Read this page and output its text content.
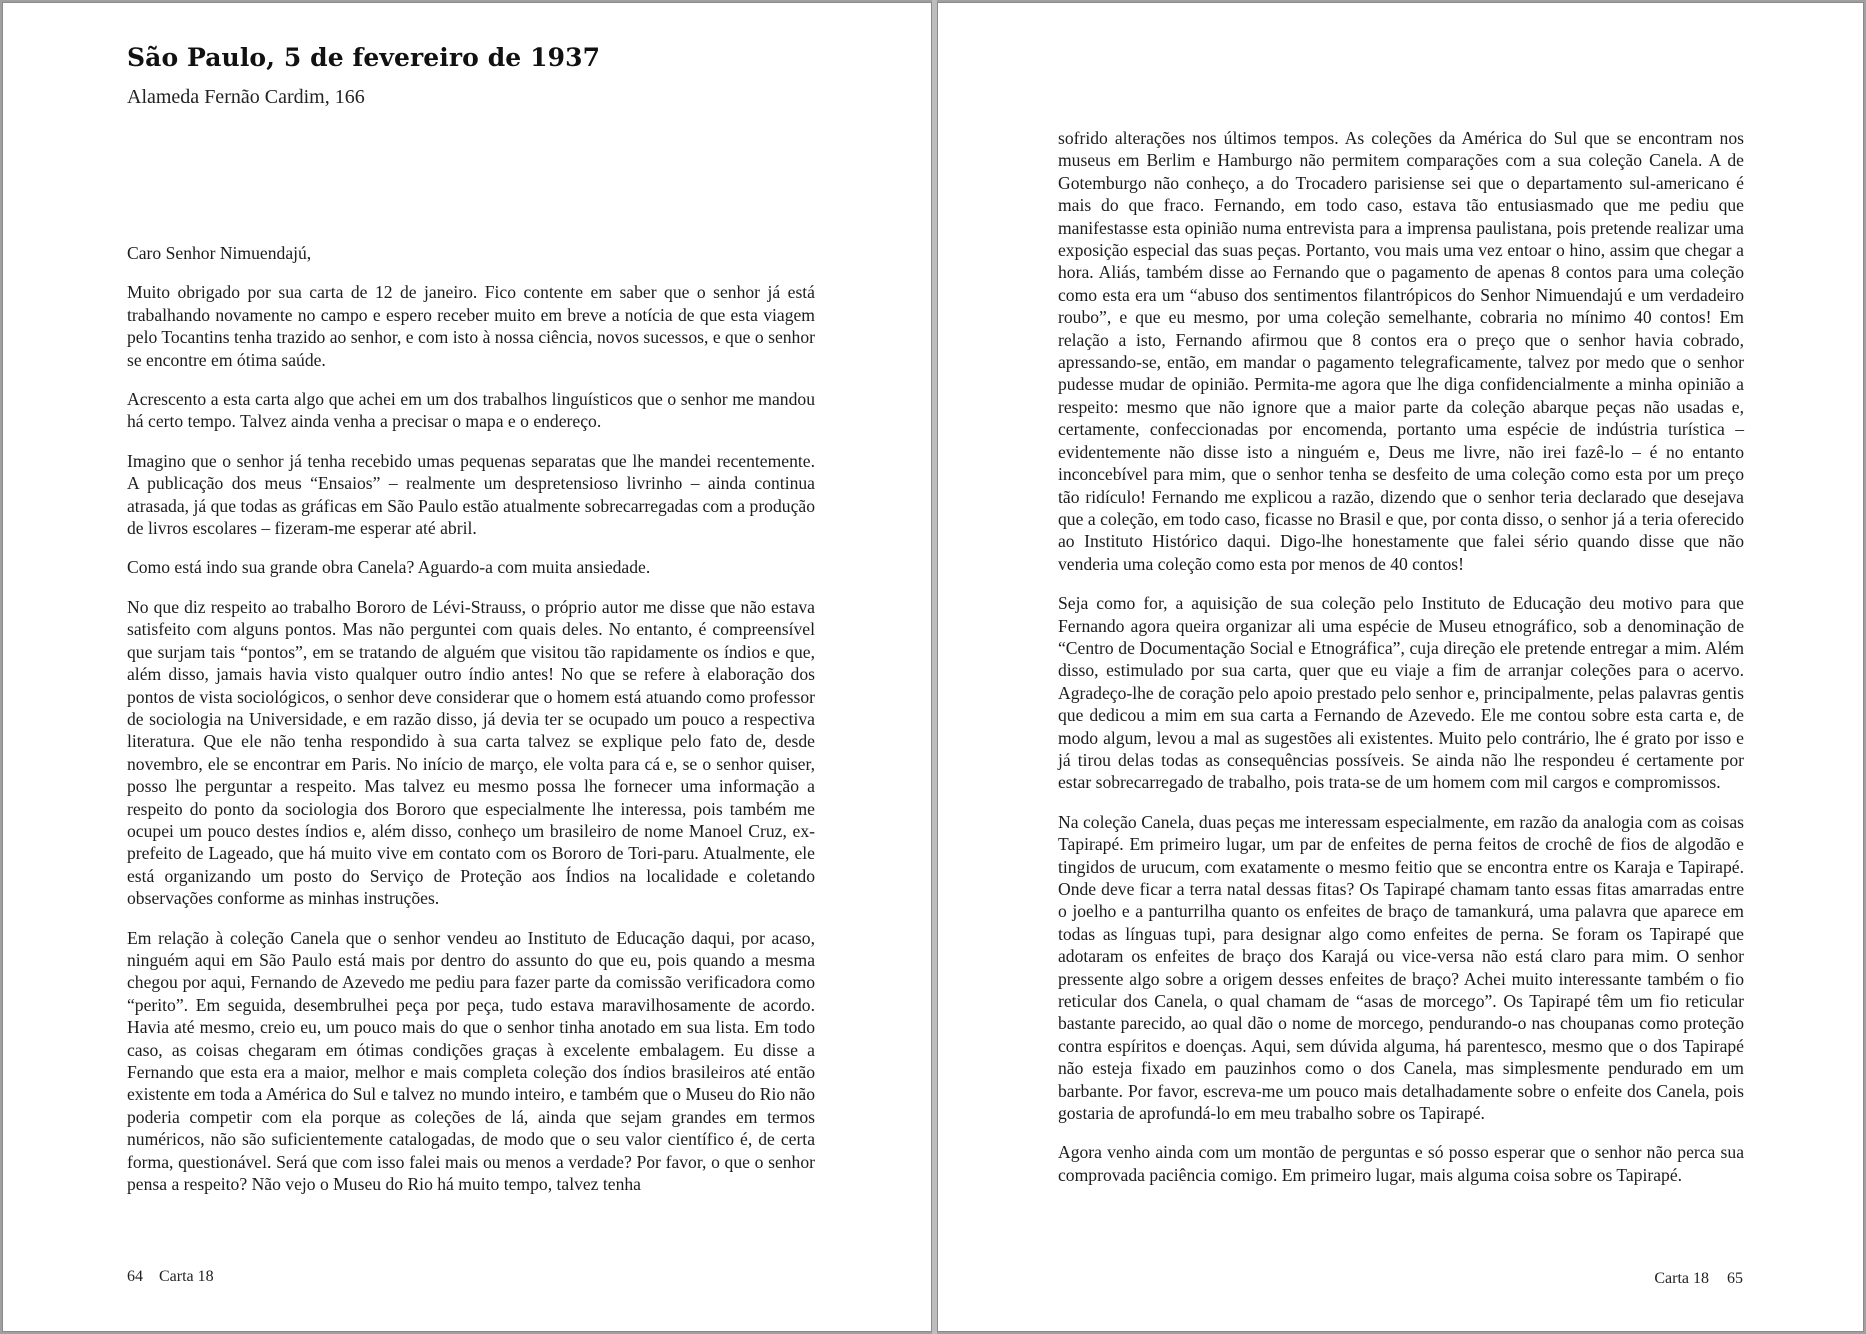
São Paulo, 5 de fevereiro de 1937
Alameda Fernão Cardim, 166

Caro Senhor Nimuendajú,

Muito obrigado por sua carta de 12 de janeiro. Fico contente em saber que o senhor já está trabalhando novamente no campo e espero receber muito em breve a notícia de que esta viagem pelo Tocantins tenha trazido ao senhor, e com isto à nossa ciência, novos sucessos, e que o senhor se encontre em ótima saúde.

Acrescento a esta carta algo que achei em um dos trabalhos linguísticos que o senhor me mandou há certo tempo. Talvez ainda venha a precisar o mapa e o endereço.

Imagino que o senhor já tenha recebido umas pequenas separatas que lhe mandei recentemente. A publicação dos meus “Ensaios” – realmente um despretensioso livrinho – ainda continua atrasada, já que todas as gráficas em São Paulo estão atualmente sobrecarregadas com a produção de livros escolares – fizeram-me esperar até abril.

Como está indo sua grande obra Canela? Aguardo-a com muita ansiedade.

No que diz respeito ao trabalho Bororo de Lévi-Strauss, o próprio autor me disse que não estava satisfeito com alguns pontos. Mas não perguntei com quais deles. No entanto, é compreensível que surjam tais “pontos”, em se tratando de alguém que visitou tão rapidamente os índios e que, além disso, jamais havia visto qualquer outro índio antes! No que se refere à elaboração dos pontos de vista sociológicos, o senhor deve considerar que o homem está atuando como professor de sociologia na Universidade, e em razão disso, já devia ter se ocupado um pouco a respectiva literatura. Que ele não tenha respondido à sua carta talvez se explique pelo fato de, desde novembro, ele se encontrar em Paris. No início de março, ele volta para cá e, se o senhor quiser, posso lhe perguntar a respeito. Mas talvez eu mesmo possa lhe fornecer uma informação a respeito do ponto da sociologia dos Bororo que especialmente lhe interessa, pois também me ocupei um pouco destes índios e, além disso, conheço um brasileiro de nome Manoel Cruz, ex-prefeito de Lageado, que há muito vive em contato com os Bororo de Tori-paru. Atualmente, ele está organizando um posto do Serviço de Proteção aos Índios na localidade e coletando observações conforme as minhas instruções.

Em relação à coleção Canela que o senhor vendeu ao Instituto de Educação daqui, por acaso, ninguém aqui em São Paulo está mais por dentro do assunto do que eu, pois quando a mesma chegou por aqui, Fernando de Azevedo me pediu para fazer parte da comissão verificadora como “perito”. Em seguida, desembrulhei peça por peça, tudo estava maravilhosamente de acordo. Havia até mesmo, creio eu, um pouco mais do que o senhor tinha anotado em sua lista. Em todo caso, as coisas chegaram em ótimas condições graças à excelente embalagem. Eu disse a Fernando que esta era a maior, melhor e mais completa coleção dos índios brasileiros até então existente em toda a América do Sul e talvez no mundo inteiro, e também que o Museu do Rio não poderia competir com ela porque as coleções de lá, ainda que sejam grandes em termos numéricos, não são suficientemente catalogadas, de modo que o seu valor científico é, de certa forma, questionável. Será que com isso falei mais ou menos a verdade? Por favor, o que o senhor pensa a respeito? Não vejo o Museu do Rio há muito tempo, talvez tenha

64 Carta 18

sofrido alterações nos últimos tempos. As coleções da América do Sul que se encontram nos museus em Berlim e Hamburgo não permitem comparações com a sua coleção Canela. A de Gotemburgo não conheço, a do Trocadero parisiense sei que o departamento sul-americano é mais do que fraco. Fernando, em todo caso, estava tão entusiasmado que me pediu que manifestasse esta opinião numa entrevista para a imprensa paulistana, pois pretende realizar uma exposição especial das suas peças. Portanto, vou mais uma vez entoar o hino, assim que chegar a hora. Aliás, também disse ao Fernando que o pagamento de apenas 8 contos para uma coleção como esta era um “abuso dos sentimentos filantrópicos do Senhor Nimuendajú e um verdadeiro roubo”, e que eu mesmo, por uma coleção semelhante, cobraria no mínimo 40 contos! Em relação a isto, Fernando afirmou que 8 contos era o preço que o senhor havia cobrado, apressando-se, então, em mandar o pagamento telegraficamente, talvez por medo que o senhor pudesse mudar de opinião. Permita-me agora que lhe diga confidencialmente a minha opinião a respeito: mesmo que não ignore que a maior parte da coleção abarque peças não usadas e, certamente, confeccionadas por encomenda, portanto uma espécie de indústria turística – evidentemente não disse isto a ninguém e, Deus me livre, não irei fazê-lo – é no entanto inconcebível para mim, que o senhor tenha se desfeito de uma coleção como esta por um preço tão ridículo! Fernando me explicou a razão, dizendo que o senhor teria declarado que desejava que a coleção, em todo caso, ficasse no Brasil e que, por conta disso, o senhor já a teria oferecido ao Instituto Histórico daqui. Digo-lhe honestamente que falei sério quando disse que não venderia uma coleção como esta por menos de 40 contos!

Seja como for, a aquisição de sua coleção pelo Instituto de Educação deu motivo para que Fernando agora queira organizar ali uma espécie de Museu etnográfico, sob a denominação de “Centro de Documentação Social e Etnográfica”, cuja direção ele pretende entregar a mim. Além disso, estimulado por sua carta, quer que eu viaje a fim de arranjar coleções para o acervo. Agradeço-lhe de coração pelo apoio prestado pelo senhor e, principalmente, pelas palavras gentis que dedicou a mim em sua carta a Fernando de Azevedo. Ele me contou sobre esta carta e, de modo algum, levou a mal as sugestões ali existentes. Muito pelo contrário, lhe é grato por isso e já tirou delas todas as consequências possíveis. Se ainda não lhe respondeu é certamente por estar sobrecarregado de trabalho, pois trata-se de um homem com mil cargos e compromissos.

Na coleção Canela, duas peças me interessam especialmente, em razão da analogia com as coisas Tapirapé. Em primeiro lugar, um par de enfeites de perna feitos de crochê de fios de algodão e tingidos de urucum, com exatamente o mesmo feitio que se encontra entre os Karaja e Tapirapé. Onde deve ficar a terra natal dessas fitas? Os Tapirapé chamam tanto essas fitas amarradas entre o joelho e a panturrilha quanto os enfeites de braço de tamankurá, uma palavra que aparece em todas as línguas tupi, para designar algo como enfeites de perna. Se foram os Tapirapé que adotaram os enfeites de braço dos Karajá ou vice-versa não está claro para mim. O senhor pressente algo sobre a origem desses enfeites de braço? Achei muito interessante também o fio reticular dos Canela, o qual chamam de “asas de morcego”. Os Tapirapé têm um fio reticular bastante parecido, ao qual dão o nome de morcego, pendurando-o nas choupanas como proteção contra espíritos e doenças. Aqui, sem dúvida alguma, há parentesco, mesmo que o dos Tapirapé não esteja fixado em pauzinhos como o dos Canela, mas simplesmente pendurado em um barbante. Por favor, escreva-me um pouco mais detalhadamente sobre o enfeite dos Canela, pois gostaria de aprofundá-lo em meu trabalho sobre os Tapirapé.

Agora venho ainda com um montão de perguntas e só posso esperar que o senhor não perca sua comprovada paciência comigo. Em primeiro lugar, mais alguma coisa sobre os Tapirapé.

Carta 18 65
